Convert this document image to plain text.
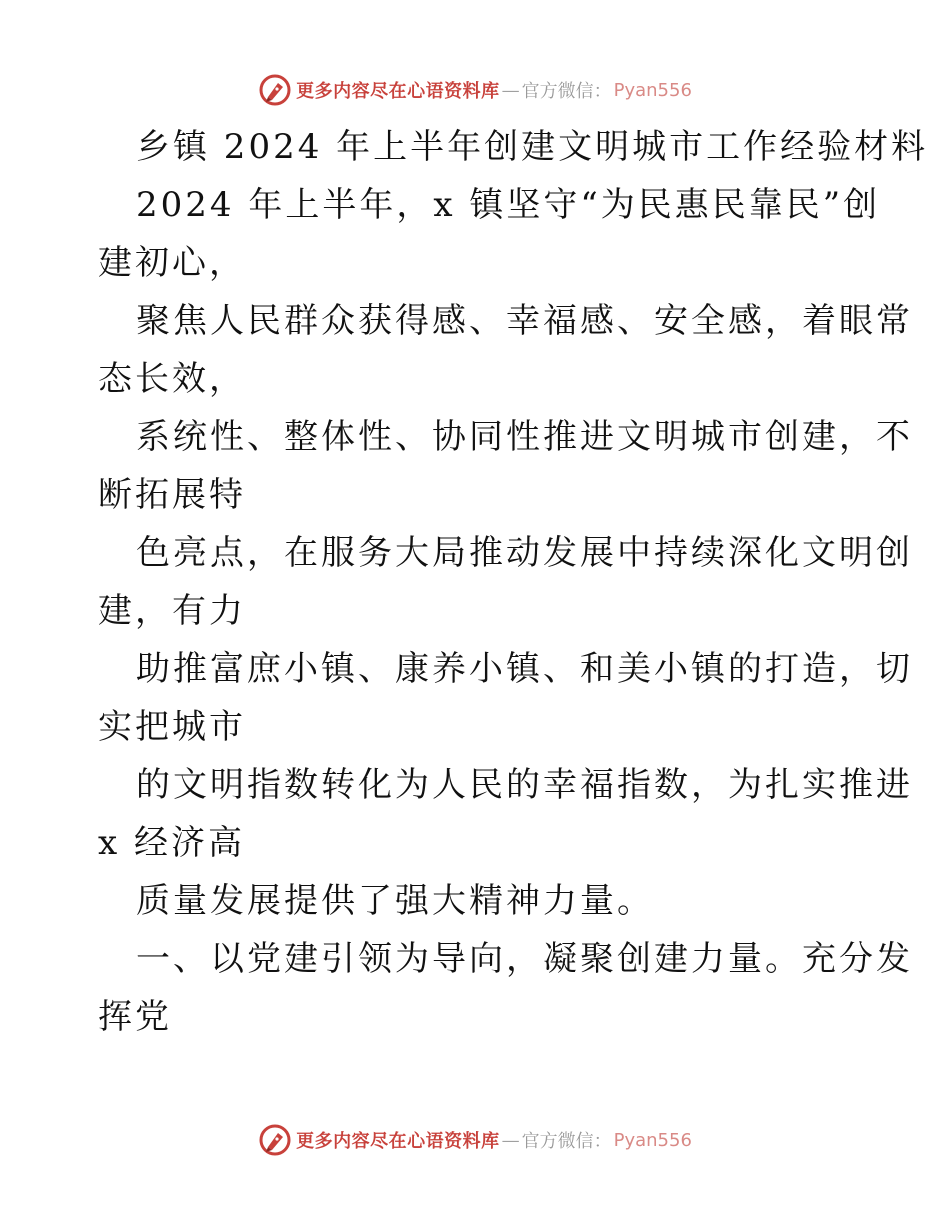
更多内容尽在心语资料库 — 官方微信： Pyan556
乡镇 2024 年上半年创建文明城市工作经验材料
2024 年上半年，x 镇坚守“为民惠民靠民”创
建初心，
聚焦人民群众获得感、幸福感、安全感，着眼常
态长效，
系统性、整体性、协同性推进文明城市创建，不
断拓展特
色亮点，在服务大局推动发展中持续深化文明创
建，有力
助推富庶小镇、康养小镇、和美小镇的打造，切
实把城市
的文明指数转化为人民的幸福指数，为扎实推进
x 经济高
质量发展提供了强大精神力量。
一、以党建引领为导向，凝聚创建力量。充分发
挥党
更多内容尽在心语资料库 — 官方微信： Pyan556
